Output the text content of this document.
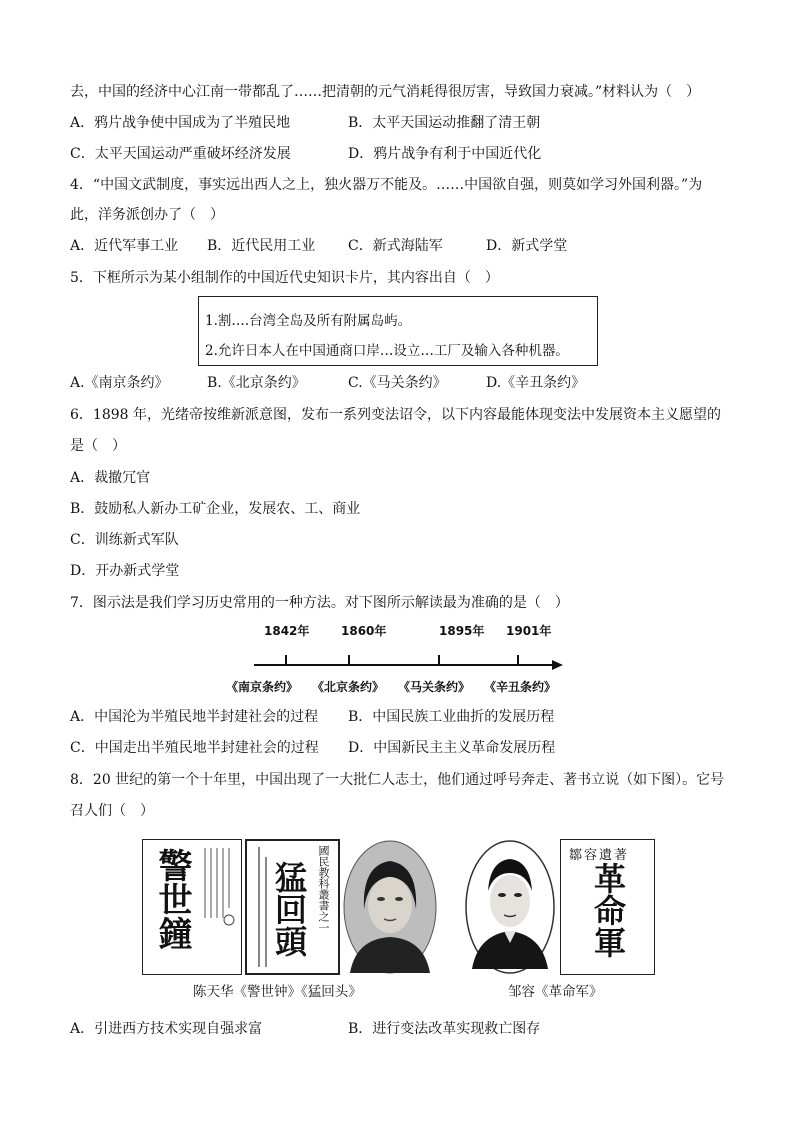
去，中国的经济中心江南一带都乱了……把清朝的元气消耗得很厉害，导致国力衰减。”材料认为（　）
A．鸦片战争使中国成为了半殖民地	B．太平天国运动推翻了清王朝
C．太平天国运动严重破坏经济发展	D．鸦片战争有利于中国近代化
4．“中国文武制度，事实远出西人之上，独火器万不能及。……中国欲自强，则莫如学习外国利器。”为
此，洋务派创办了（　）
A．近代军事工业 B．近代民用工业 C．新式海陆军	D．新式学堂
5．下框所示为某小组制作的中国近代史知识卡片，其内容出自（　）
1.割….台湾全岛及所有附属岛屿。
2.允许日本人在中国通商口岸…设立…工厂及输入各种机器。
A.《南京条约》	B.《北京条约》	C.《马关条约》	D.《辛丑条约》
6．1898 年，光绪帝按维新派意图，发布一系列变法诏令，以下内容最能体现变法中发展资本主义愿望的
是（　）
A．裁撤冗官
B．鼓励私人新办工矿企业，发展农、工、商业
C．训练新式军队
D．开办新式学堂
7．图示法是我们学习历史常用的一种方法。对下图所示解读最为准确的是（　）
1842年	1860年	1895年 1901年
《南京条约》 《北京条约》 《马关条约》 《辛丑条约》
A．中国沦为半殖民地半封建社会的过程 B．中国民族工业曲折的发展历程
C．中国走出半殖民地半封建社会的过程 D．中国新民主主义革命发展历程
8．20 世纪的第一个十年里，中国出现了一大批仁人志士，他们通过呼号奔走、著书立说（如下图）。它号
召人们（　）
警世鐘 猛回頭 國民教科叢書之一	鄒容遺著
革命軍
陈天华《警世钟》《猛回头》	邹容《革命军》
A．引进西方技术实现自强求富	B．进行变法改革实现救亡图存
